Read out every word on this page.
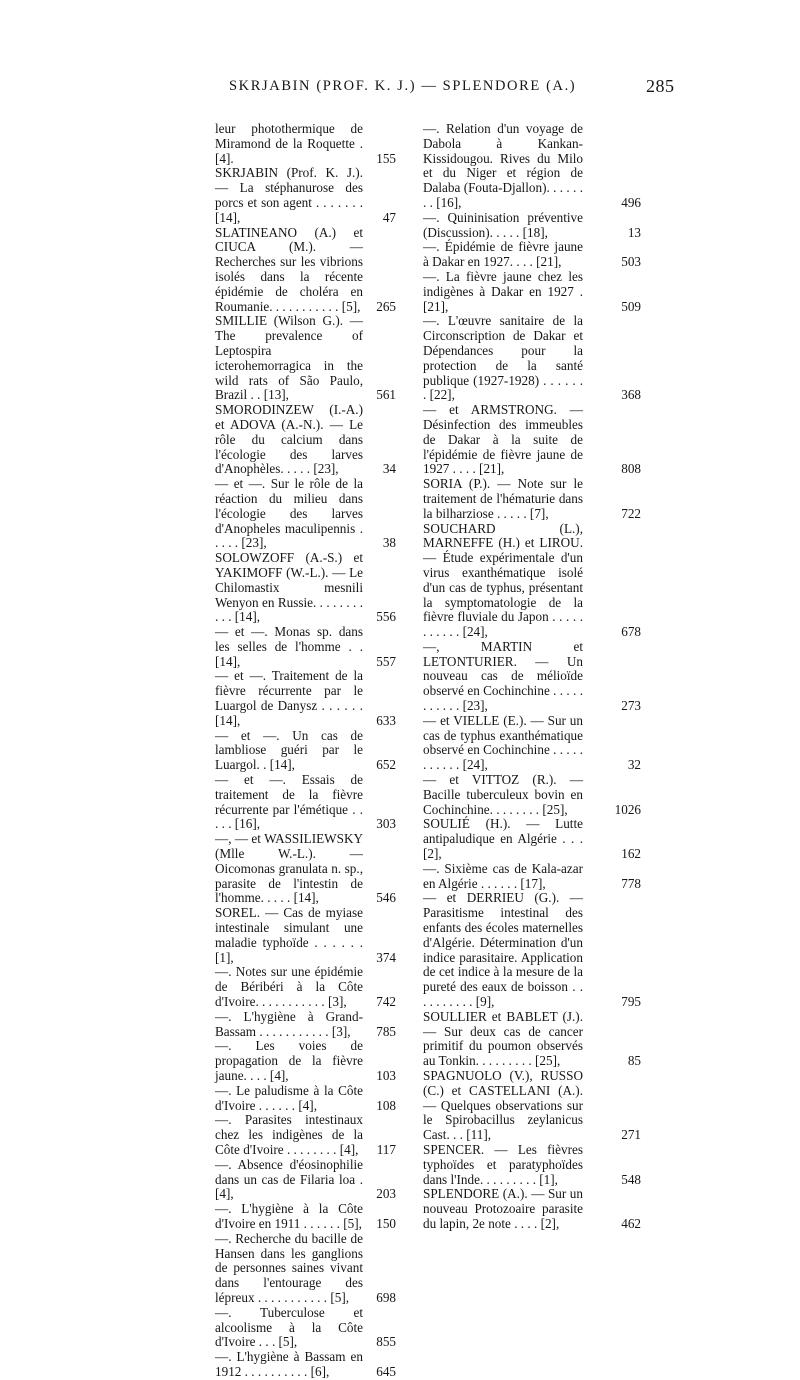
SKRJABIN (PROF. K. J.) — SPLENDORE (A.)	285
leur photothermique de Miramond de la Roquette . [4].	155
SKRJABIN (Prof. K. J.). — La stéphanurose des porcs et son agent . . . . . . . [14],	47
SLATINEANO (A.) et CIUCA (M.). — Recherches sur les vibrions isolés dans la récente épidémie de choléra en Roumanie. . . . . . . . . . . [5],	265
SMILLIE (Wilson G.). — The prevalence of Leptospira icterohemorragica in the wild rats of São Paulo, Brazil . . [13],	561
SMORODINZEW (I.-A.) et ADOVA (A.-N.). — Le rôle du calcium dans l'écologie des larves d'Anophèles. . . . . [23],	34
— et —. Sur le rôle de la réaction du milieu dans l'écologie des larves d'Anopheles maculipennis . . . . . [23],	38
SOLOWZOFF (A.-S.) et YAKIMOFF (W.-L.). — Le Chilomastix mesnili Wenyon en Russie. . . . . . . . . . . [14],	556
— et —. Monas sp. dans les selles de l'homme . . [14],	557
— et —. Traitement de la fièvre récurrente par le Luargol de Danysz . . . . . . [14],	633
— et —. Un cas de lambliose guéri par le Luargol. . [14],	652
— et —. Essais de traitement de la fièvre récurrente par l'émétique . . . . . [16],	303
—, — et WASSILIEWSKY (Mlle W.-L.). — Oicomonas granulata n. sp., parasite de l'intestin de l'homme. . . . . [14],	546
SOREL. — Cas de myiase intestinale simulant une maladie typhoïde . . . . . . [1],	374
—. Notes sur une épidémie de Béribéri à la Côte d'Ivoire. . . . . . . . . . . [3],	742
—. L'hygiène à Grand-Bassam . . . . . . . . . . . [3],	785
—. Les voies de propagation de la fièvre jaune. . . . [4],	103
—. Le paludisme à la Côte d'Ivoire . . . . . . [4],	108
—. Parasites intestinaux chez les indigènes de la Côte d'Ivoire . . . . . . . . [4],	117
—. Absence d'éosinophilie dans un cas de Filaria loa . [4],	203
—. L'hygiène à la Côte d'Ivoire en 1911 . . . . . . [5],	150
—. Recherche du bacille de Hansen dans les ganglions de personnes saines vivant dans l'entourage des lépreux . . . . . . . . . . . [5],	698
—. Tuberculose et alcoolisme à la Côte d'Ivoire . . . [5],	855
—. L'hygiène à Bassam en 1912 . . . . . . . . . . [6],	645
—. Relation d'un voyage de Dabola à Kankan-Kissidougou. Rives du Milo et du Niger et région de Dalaba (Fouta-Djallon). . . . . . . . [16],	496
—. Quininisation préventive (Discussion). . . . . [18],	13
—. Épidémie de fièvre jaune à Dakar en 1927. . . . [21],	503
—. La fièvre jaune chez les indigènes à Dakar en 1927 . [21],	509
—. L'œuvre sanitaire de la Circonscription de Dakar et Dépendances pour la protection de la santé publique (1927-1928) . . . . . . . [22],	368
— et ARMSTRONG. — Désinfection des immeubles de Dakar à la suite de l'épidémie de fièvre jaune de 1927 . . . . [21],	808
SORIA (P.). — Note sur le traitement de l'hématurie dans la bilharziose . . . . . [7],	722
SOUCHARD (L.), MARNEFFE (H.) et LIROU. — Étude expérimentale d'un virus exanthématique isolé d'un cas de typhus, présentant la symptomatologie de la fièvre fluviale du Japon . . . . . . . . . . . [24],	678
—, MARTIN et LETONTURIER. — Un nouveau cas de mélioïde observé en Cochinchine . . . . . . . . . . . [23],	273
— et VIELLE (E.). — Sur un cas de typhus exanthématique observé en Cochinchine . . . . . . . . . . . [24],	32
— et VITTOZ (R.). — Bacille tuberculeux bovin en Cochinchine. . . . . . . . [25],	1026
SOULIÉ (H.). — Lutte antipaludique en Algérie . . . [2],	162
—. Sixième cas de Kala-azar en Algérie . . . . . . [17],	778
— et DERRIEU (G.). — Parasitisme intestinal des enfants des écoles maternelles d'Algérie. Détermination d'un indice parasitaire. Application de cet indice à la mesure de la pureté des eaux de boisson . . . . . . . . . . [9],	795
SOULLIER et BABLET (J.). — Sur deux cas de cancer primitif du poumon observés au Tonkin. . . . . . . . . [25],	85
SPAGNUOLO (V.), RUSSO (C.) et CASTELLANI (A.). — Quelques observations sur le Spirobacillus zeylanicus Cast. . . [11],	271
SPENCER. — Les fièvres typhoïdes et paratyphoïdes dans l'Inde. . . . . . . . . [1],	548
SPLENDORE (A.). — Sur un nouveau Protozoaire parasite du lapin, 2e note . . . . [2],	462
